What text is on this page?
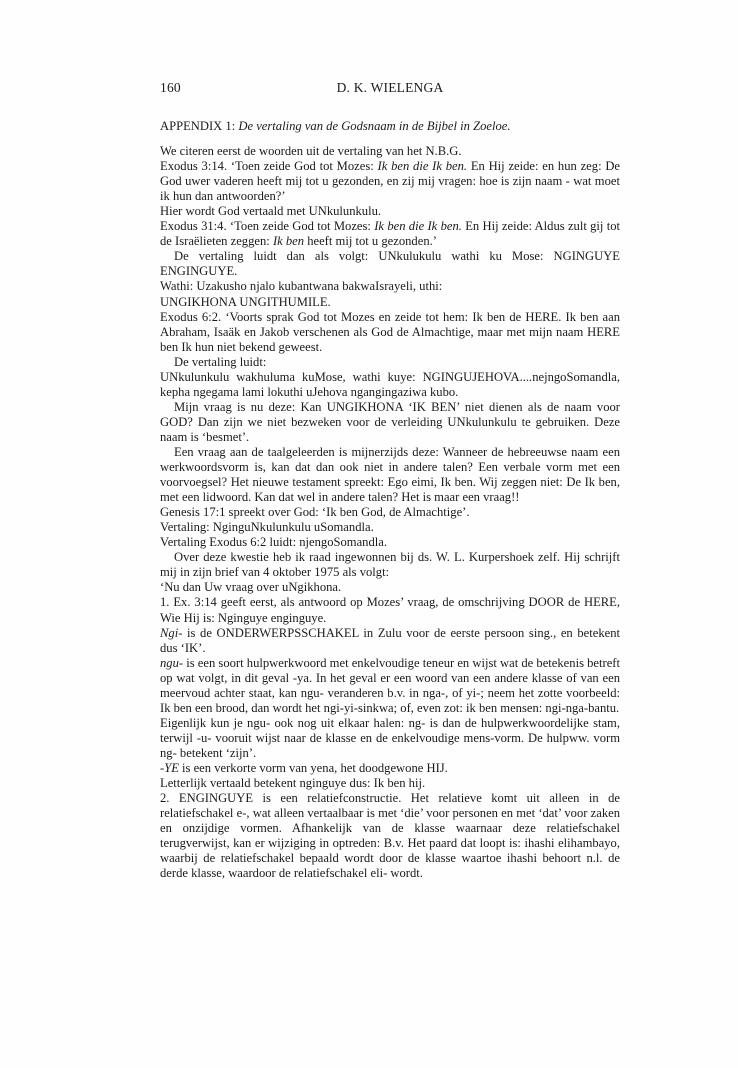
160	D. K. WIELENGA

APPENDIX 1: De vertaling van de Godsnaam in de Bijbel in Zoeloe.

We citeren eerst de woorden uit de vertaling van het N.B.G.

Exodus 3:14. ‘Toen zeide God tot Mozes: Ik ben die Ik ben. En Hij zeide: en hun zeg: De God uwer vaderen heeft mij tot u gezonden, en zij mij vragen: hoe is zijn naam - wat moet ik hun dan antwoorden?’

Hier wordt God vertaald met UNkulunkulu.

Exodus 31:4. ‘Toen zeide God tot Mozes: Ik ben die Ik ben. En Hij zeide: Aldus zult gij tot de Israëlieten zeggen: Ik ben heeft mij tot u gezonden.’

De vertaling luidt dan als volgt: UNkulukulu wathi ku Mose: NGINGUYE ENGINGUYE.

Wathi: Uzakusho njalo kubantwana bakwaIsrayeli, uthi:

UNGIKHONA UNGITHUMILE.

Exodus 6:2. ‘Voorts sprak God tot Mozes en zeide tot hem: Ik ben de HERE. Ik ben aan Abraham, Isaäk en Jakob verschenen als God de Almachtige, maar met mijn naam HERE ben Ik hun niet bekend geweest.

De vertaling luidt:

UNkulunkulu wakhuluma kuMose, wathi kuye: NGINGUJEHOVA....nejngoSomandla, kepha ngegama lami lokuthi uJehova ngangingaziwa kubo.

Mijn vraag is nu deze: Kan UNGIKHONA ‘IK BEN’ niet dienen als de naam voor GOD? Dan zijn we niet bezweken voor de verleiding UNkulunkulu te gebruiken. Deze naam is ‘besmet’.

Een vraag aan de taalgeleerden is mijnerzijds deze: Wanneer de hebreeuwse naam een werkwoordsvorm is, kan dat dan ook niet in andere talen? Een verbale vorm met een voorvoegsel? Het nieuwe testament spreekt: Ego eimi, Ik ben. Wij zeggen niet: De Ik ben, met een lidwoord. Kan dat wel in andere talen? Het is maar een vraag!!

Genesis 17:1 spreekt over God: ‘Ik ben God, de Almachtige’.

Vertaling: NginguNkulunkulu uSomandla.

Vertaling Exodus 6:2 luidt: njengoSomandla.

Over deze kwestie heb ik raad ingewonnen bij ds. W. L. Kurpershoek zelf. Hij schrijft mij in zijn brief van 4 oktober 1975 als volgt:

‘Nu dan Uw vraag over uNgikhona.

1. Ex. 3:14 geeft eerst, als antwoord op Mozes’ vraag, de omschrijving DOOR de HERE, Wie Hij is: Nginguye enginguye.

Ngi- is de ONDERWERPSSCHAKEL in Zulu voor de eerste persoon sing., en betekent dus ‘IK’.

ngu- is een soort hulpwerkwoord met enkelvoudige teneur en wijst wat de betekenis betreft op wat volgt, in dit geval -ya. In het geval er een woord van een andere klasse of van een meervoud achter staat, kan ngu- veranderen b.v. in nga-, of yi-; neem het zotte voorbeeld: Ik ben een brood, dan wordt het ngi-yi-sinkwa; of, even zot: ik ben mensen: ngi-nga-bantu.

Eigenlijk kun je ngu- ook nog uit elkaar halen: ng- is dan de hulpwerkwoordelijke stam, terwijl -u- vooruit wijst naar de klasse en de enkelvoudige mens-vorm. De hulpww. vorm ng- betekent ‘zijn’.

-YE is een verkorte vorm van yena, het doodgewone HIJ.

Letterlijk vertaald betekent nginguye dus: Ik ben hij.

2. ENGINGUYE is een relatiefconstructie. Het relatieve komt uit alleen in de relatiefschakel e-, wat alleen vertaalbaar is met ‘die’ voor personen en met ‘dat’ voor zaken en onzijdige vormen. Afhankelijk van de klasse waarnaar deze relatiefschakel terugverwijst, kan er wijziging in optreden: B.v. Het paard dat loopt is: ihashi elihambayo, waarbij de relatiefschakel bepaald wordt door de klasse waartoe ihashi behoort n.l. de derde klasse, waardoor de relatiefschakel eli- wordt.
